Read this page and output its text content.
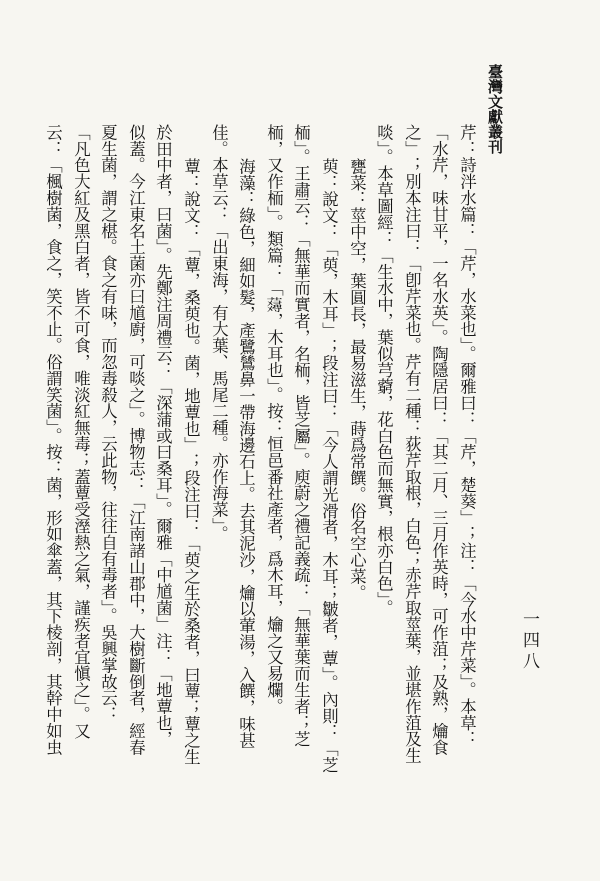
臺灣文獻叢刊
一四八
芹：詩泮水篇：「芹，水菜也」。爾雅曰：「芹，楚葵」；注：「今水中芹菜」。本草：
「水芹，味甘平，一名水英」。陶隱居曰：「其二月、三月作英時，可作菹；及熟，爚食
之」；別本注曰：「卽芹菜也。芹有二種：荻芹取根，白色；赤芹取莖葉，並堪作菹及生
啖」。本草圖經：「生水中，葉似芎藭，花白色而無實，根亦白色」。
甕菜：莖中空，葉圓長，最易滋生，蒔爲常饌。俗名空心菜。
萸：說文：「萸，木耳」；段注曰：「今人謂光滑者，木耳；皺者，蕈」。內則：「芝
栭」。王肅云：「無華而實者，名栭，皆芝屬」。庾蔚之禮記義疏：「無華葉而生者；芝
栭，又作栭」。類篇：「𧂇，木耳也」。按：恒邑番社產者，爲木耳，爚之又易爛。
海藻：綠色，細如髮，產鷺鷥鼻一帶海邊石上。去其泥沙，爚以葷湯，入饌，味甚
佳。本草云：「出東海，有大葉、馬尾二種。亦作海菜」。
蕈：說文：「蕈，桑萸也。菌，地蕈也」；段注曰：「萸之生於桑者，曰蕈；蕈之生
於田中者，曰菌」。先鄭注周禮云：「深蒲或曰桑耳」。爾雅「中馗菌」注：「地蕈也，
似蓋。今江東名土菌亦曰馗廚，可啖之」。博物志：「江南諸山郡中，大樹斷倒者，經春
夏生菌，謂之椹。食之有味，而忽毒殺人，云此物，往往自有毒者」。吳興掌故云：
「凡色大紅及黑白者，皆不可食，唯淡紅無毒；蓋蕈受溼熱之氣，謹疾者宜愼之」。又
云：「楓樹菌，食之，笑不止。俗謂笑菌」。按：菌，形如傘蓋，其下棱剖，其幹中如虫
